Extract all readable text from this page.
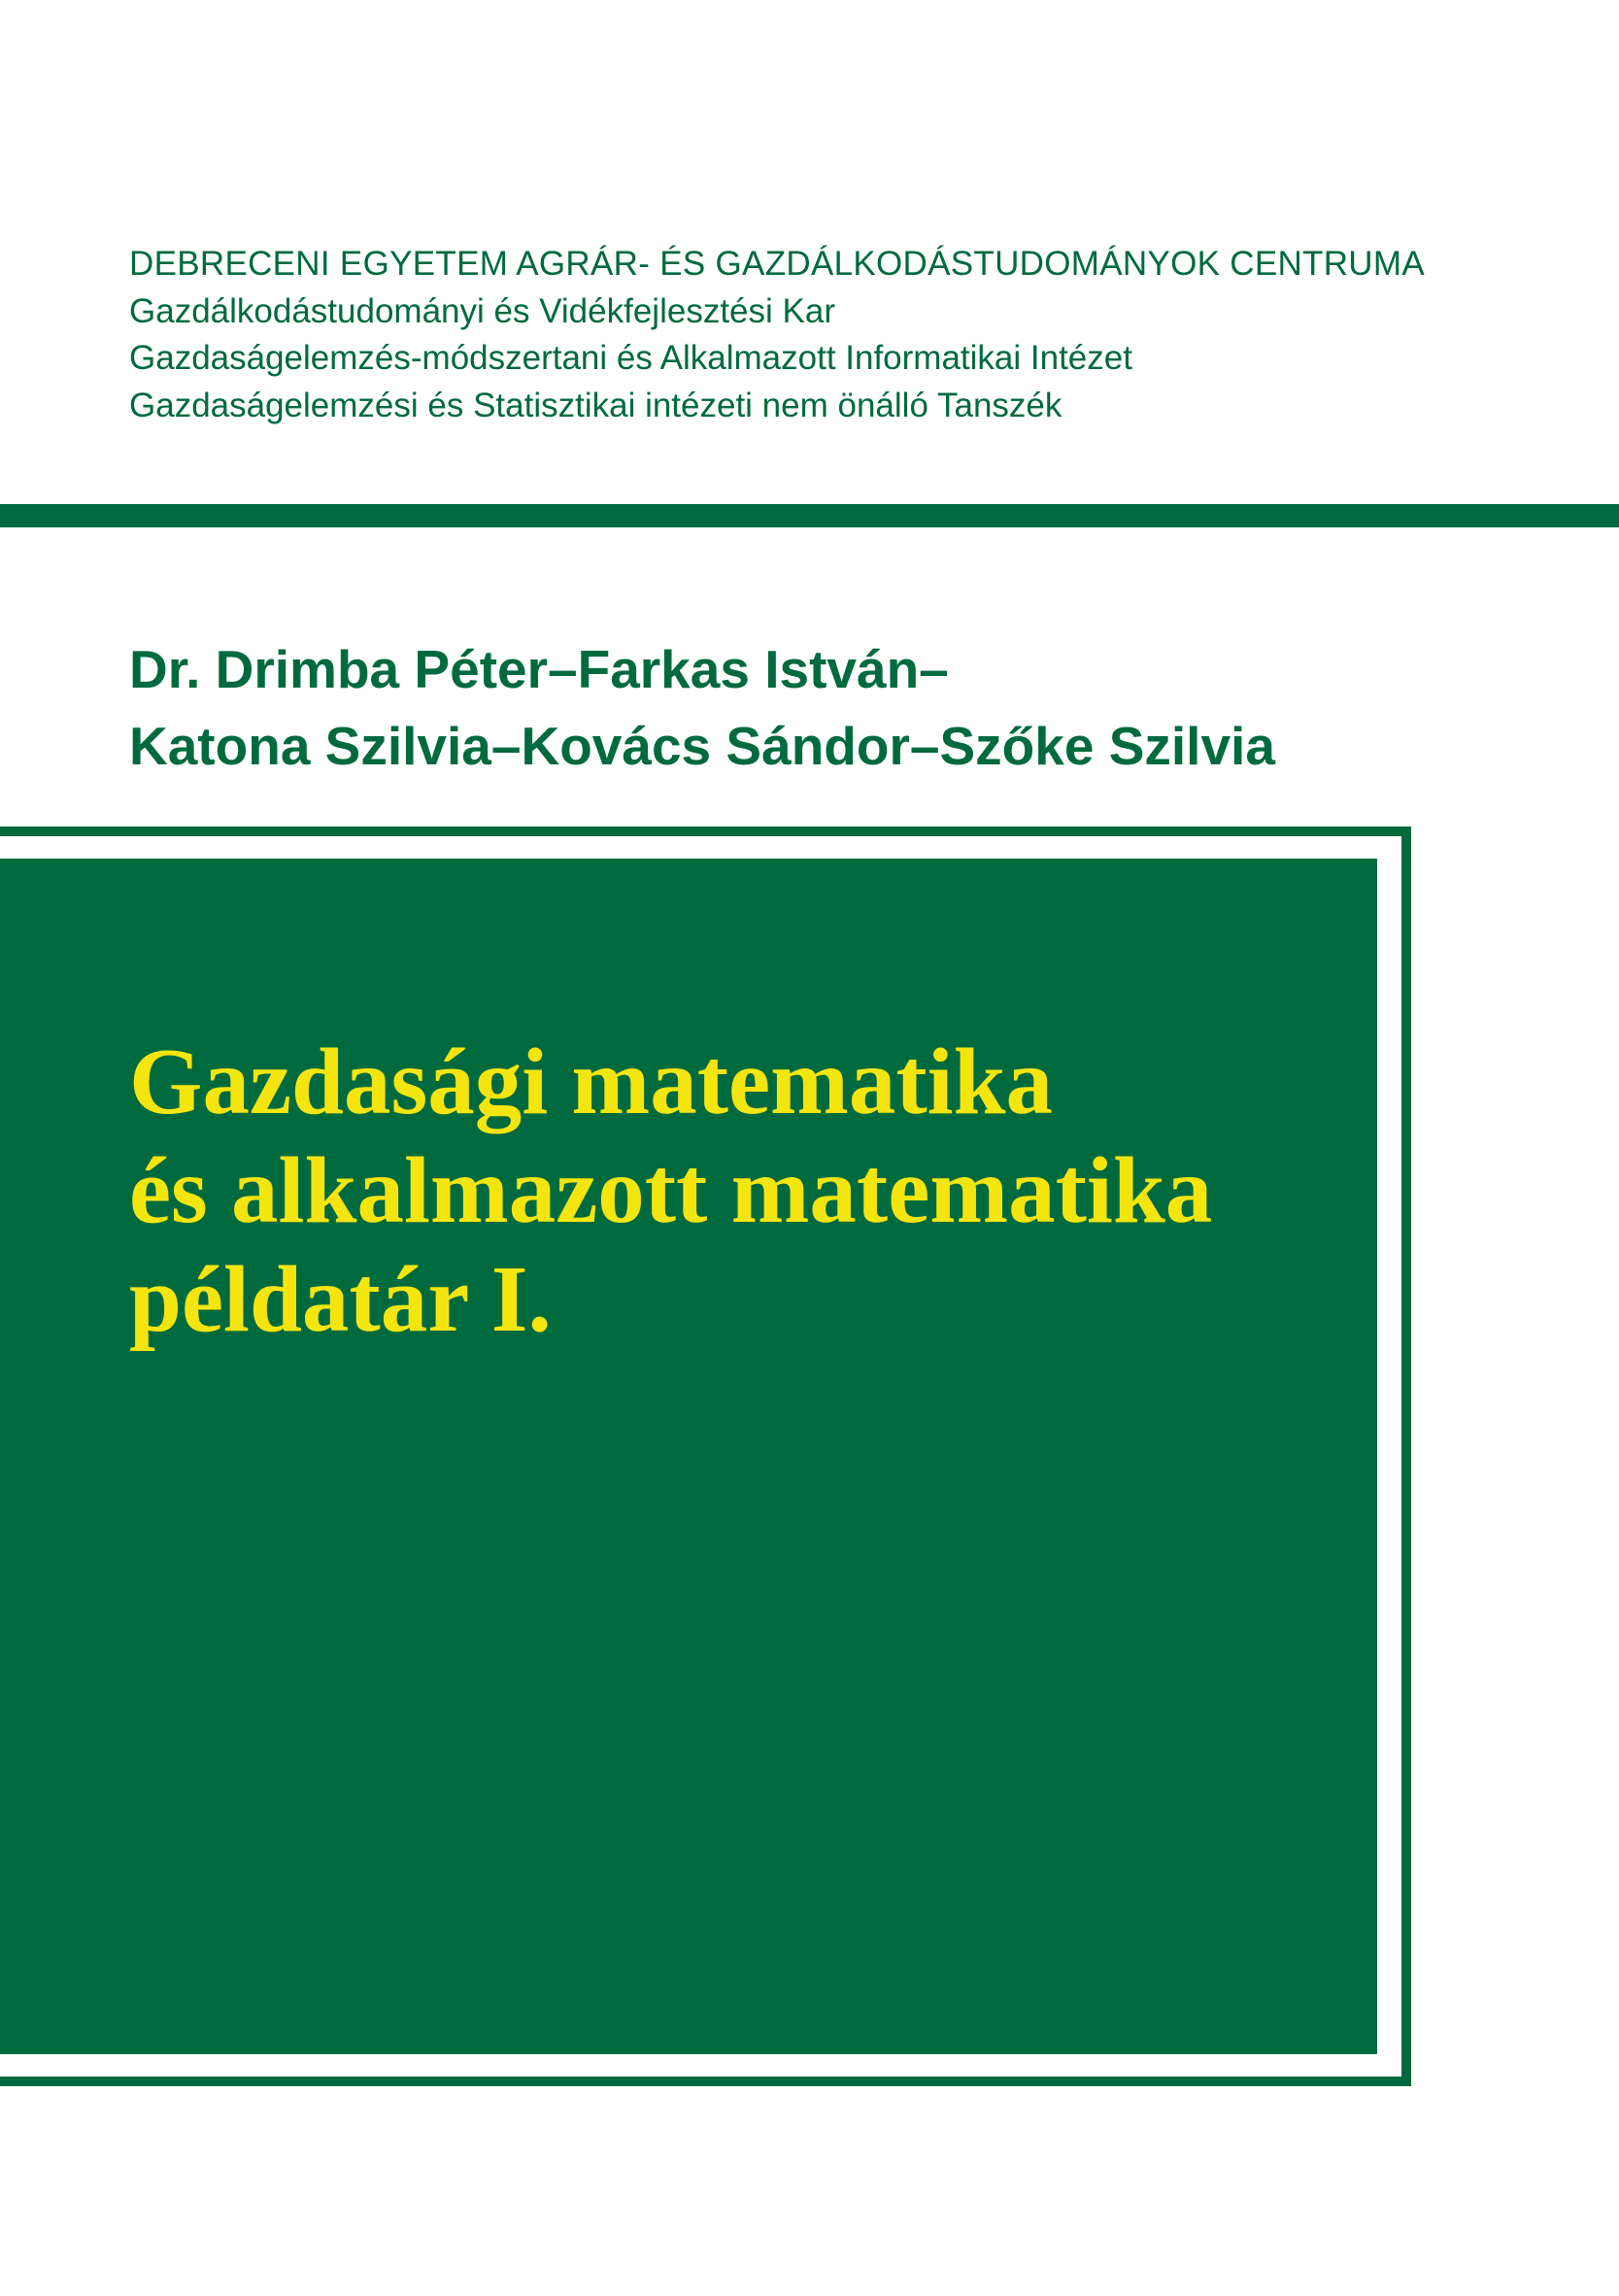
DEBRECENI EGYETEM AGRÁR- ÉS GAZDÁLKODÁSTUDOMÁNYOK CENTRUMA
Gazdálkodástudományi és Vidékfejlesztési Kar
Gazdaságelemzés-módszertani és Alkalmazott Informatikai Intézet
Gazdaságelemzési és Statisztikai intézeti nem önálló Tanszék
Dr. Drimba Péter–Farkas István–
Katona Szilvia–Kovács Sándor–Szőke Szilvia
Gazdasági matematika
és alkalmazott matematika
példatár I.
